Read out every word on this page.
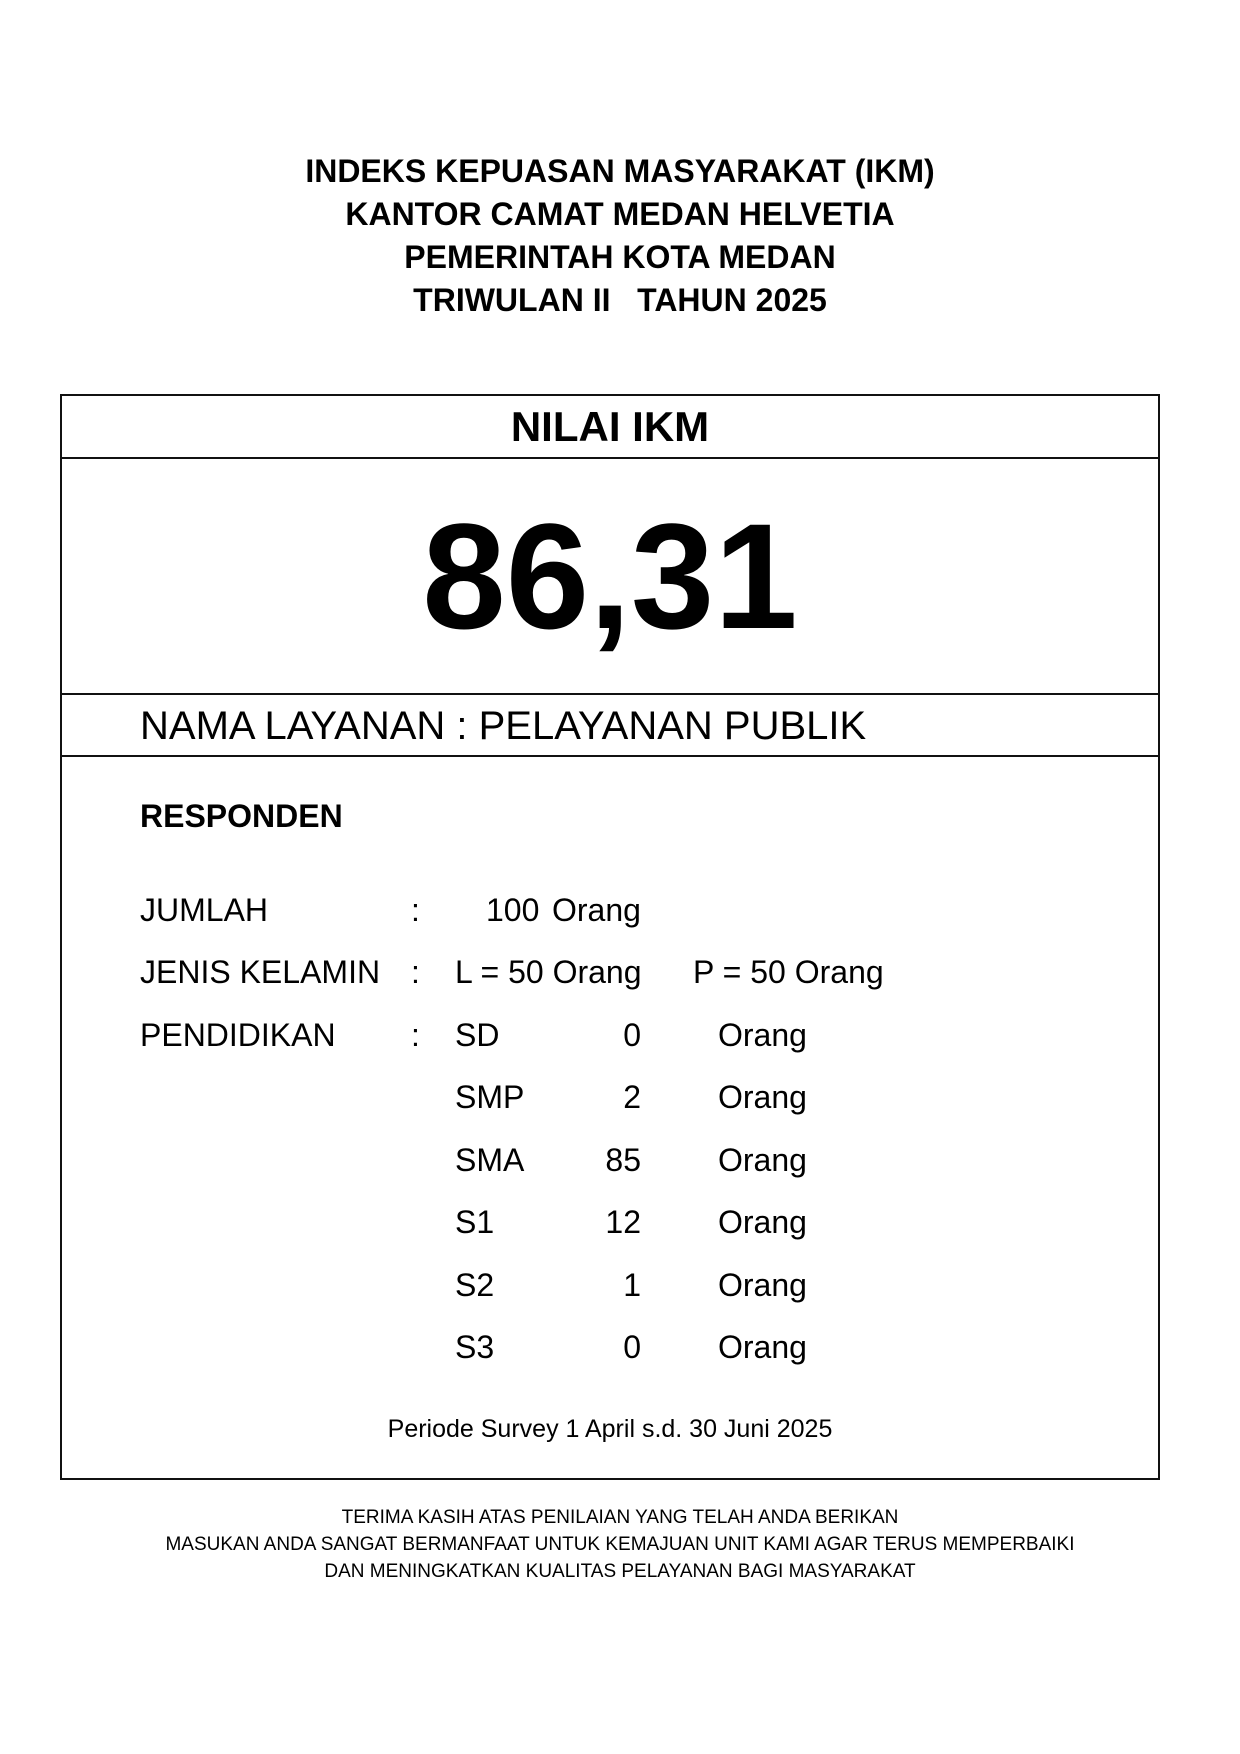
INDEKS KEPUASAN MASYARAKAT (IKM)
KANTOR CAMAT MEDAN HELVETIA
PEMERINTAH KOTA MEDAN
TRIWULAN II   TAHUN 2025
NILAI IKM
86,31
NAMA LAYANAN : PELAYANAN PUBLIK
RESPONDEN
JUMLAH	: 100 Orang
JENIS KELAMIN : L = 50 Orang P = 50 Orang
PENDIDIKAN : SD	0 Orang
SMP	2 Orang
SMA	85 Orang
S1	12 Orang
S2	1 Orang
S3	0 Orang
Periode Survey 1 April s.d. 30 Juni 2025
TERIMA KASIH ATAS PENILAIAN YANG TELAH ANDA BERIKAN
MASUKAN ANDA SANGAT BERMANFAAT UNTUK KEMAJUAN UNIT KAMI AGAR TERUS MEMPERBAIKI
DAN MENINGKATKAN KUALITAS PELAYANAN BAGI MASYARAKAT
